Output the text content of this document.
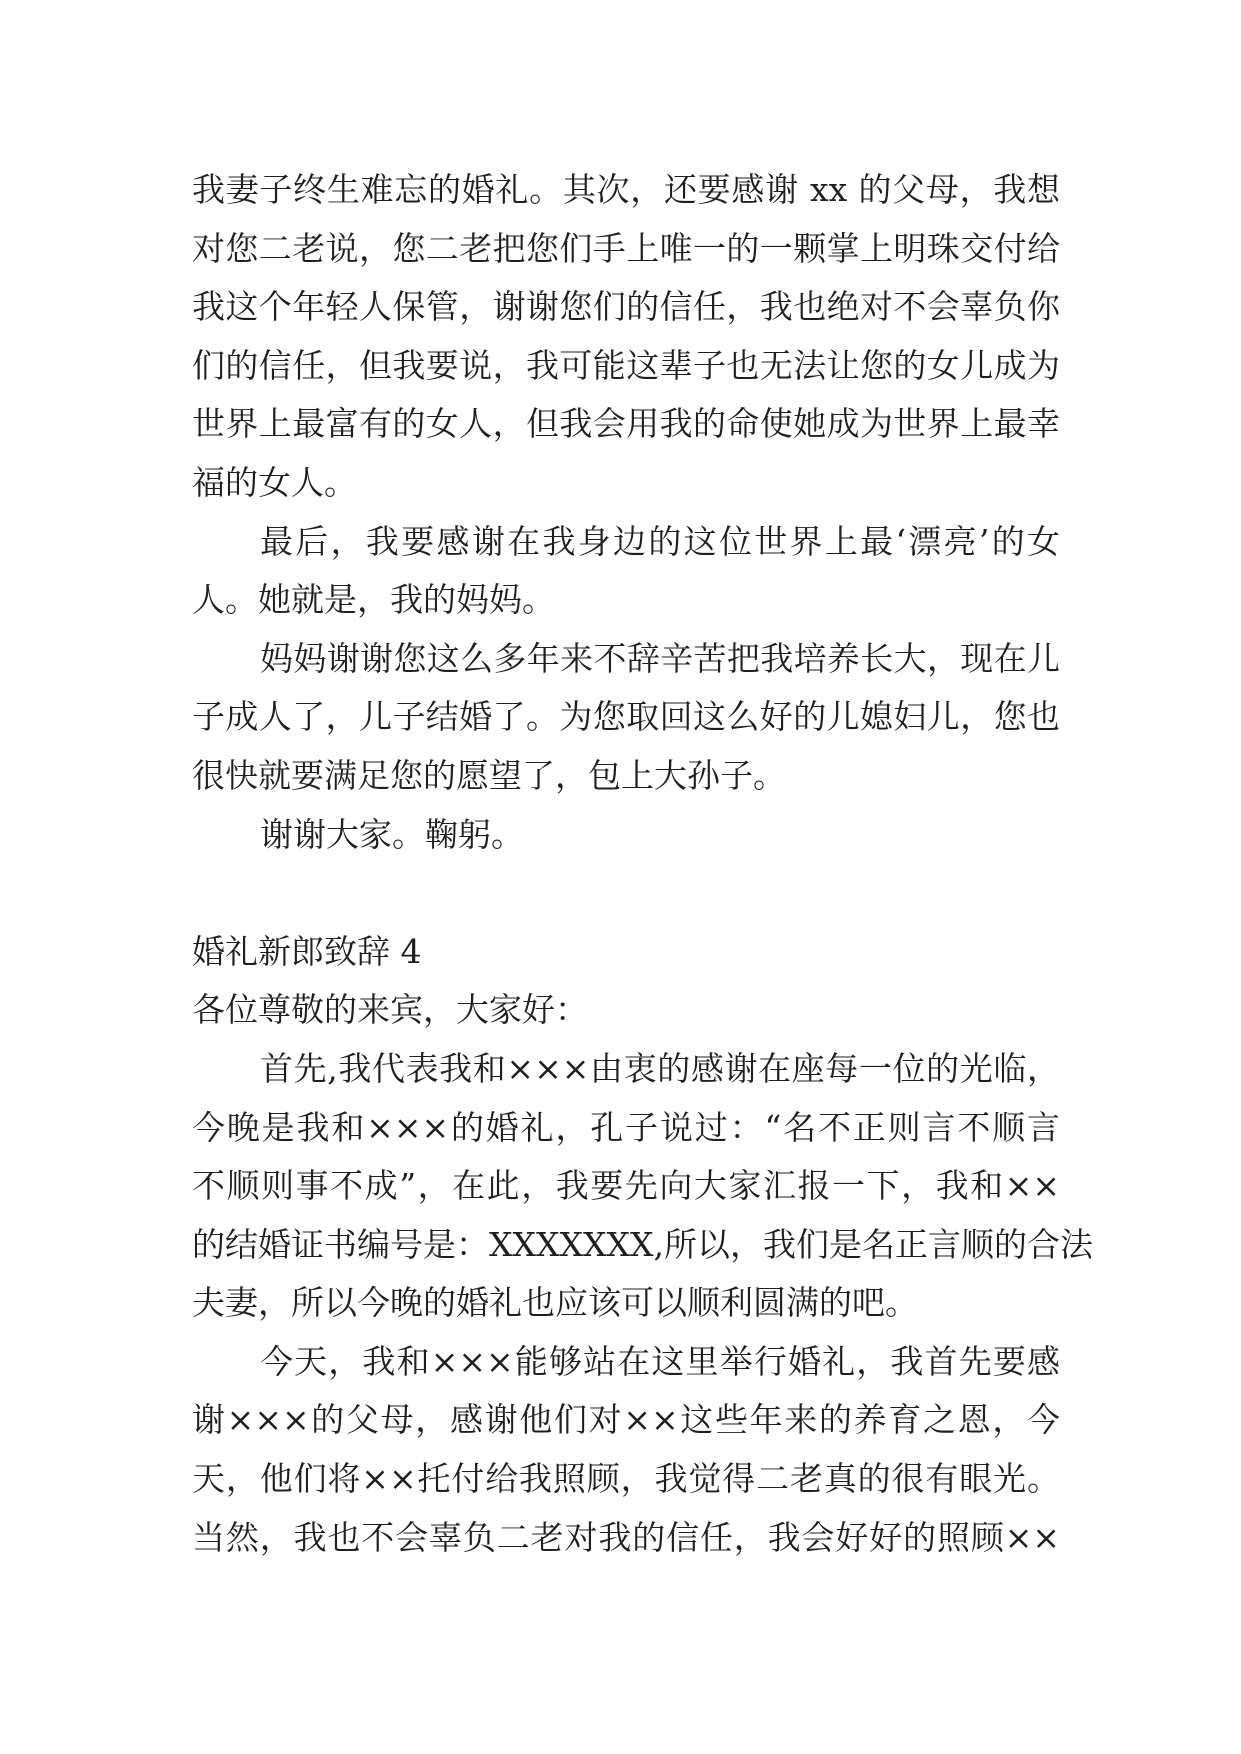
我妻子终生难忘的婚礼。其次，还要感谢 xx 的父母，我想
对您二老说，您二老把您们手上唯一的一颗掌上明珠交付给
我这个年轻人保管，谢谢您们的信任，我也绝对不会辜负你
们的信任，但我要说，我可能这辈子也无法让您的女儿成为
世界上最富有的女人，但我会用我的命使她成为世界上最幸
福的女人。
最后，我要感谢在我身边的这位世界上最‘漂亮’的女
人。她就是，我的妈妈。
妈妈谢谢您这么多年来不辞辛苦把我培养长大，现在儿
子成人了，儿子结婚了。为您取回这么好的儿媳妇儿，您也
很快就要满足您的愿望了，包上大孙子。
谢谢大家。鞠躬。
婚礼新郎致辞 4
各位尊敬的来宾，大家好：
首先,我代表我和×××由衷的感谢在座每一位的光临，
今晚是我和×××的婚礼，孔子说过：“名不正则言不顺言
不顺则事不成”，在此，我要先向大家汇报一下，我和××
的结婚证书编号是：XXXXXXX,所以，我们是名正言顺的合法
夫妻，所以今晚的婚礼也应该可以顺利圆满的吧。
今天，我和×××能够站在这里举行婚礼，我首先要感
谢×××的父母，感谢他们对××这些年来的养育之恩，今
天，他们将××托付给我照顾，我觉得二老真的很有眼光。
当然，我也不会辜负二老对我的信任，我会好好的照顾××
